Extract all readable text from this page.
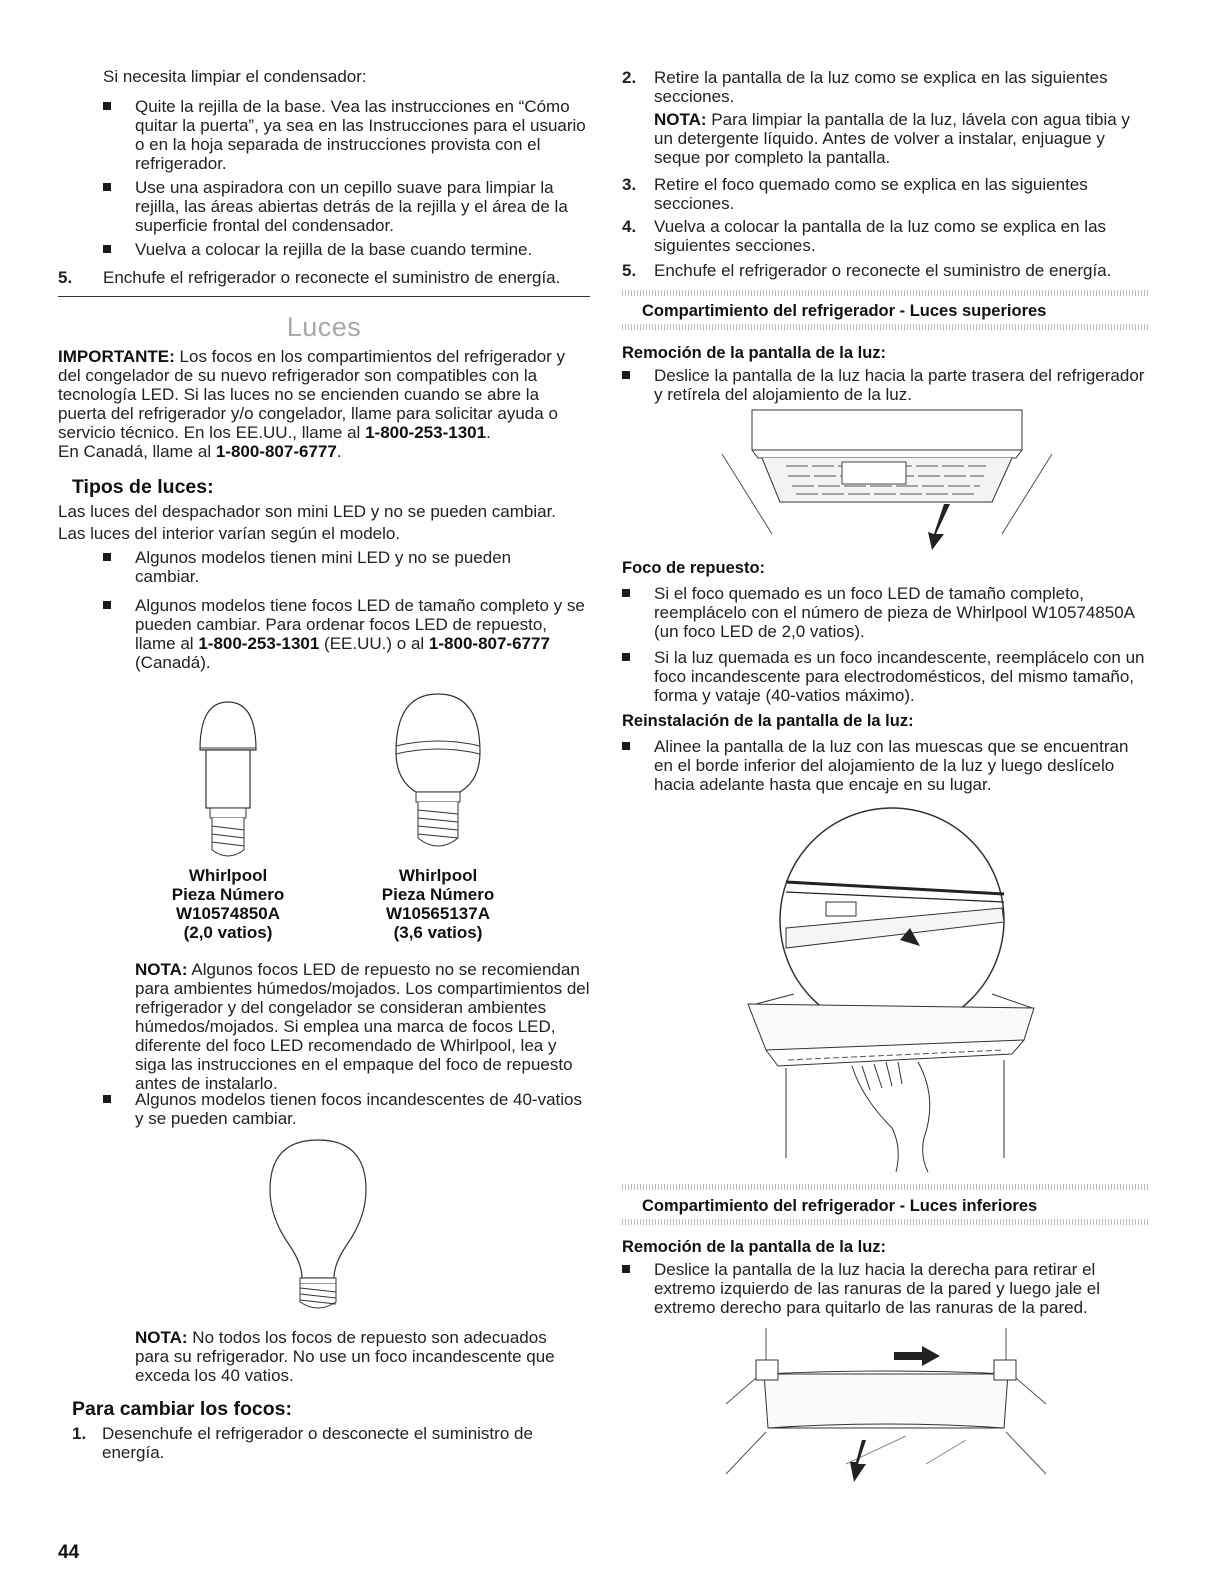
Si necesita limpiar el condensador:

Quite la rejilla de la base. Vea las instrucciones en “Cómo quitar la puerta”, ya sea en las Instrucciones para el usuario o en la hoja separada de instrucciones provista con el refrigerador.

Use una aspiradora con un cepillo suave para limpiar la rejilla, las áreas abiertas detrás de la rejilla y el área de la superficie frontal del condensador.

Vuelva a colocar la rejilla de la base cuando termine.

5. Enchufe el refrigerador o reconecte el suministro de energía.

Luces

IMPORTANTE: Los focos en los compartimientos del refrigerador y del congelador de su nuevo refrigerador son compatibles con la tecnología LED. Si las luces no se encienden cuando se abre la puerta del refrigerador y/o congelador, llame para solicitar ayuda o servicio técnico. En los EE.UU., llame al 1-800-253-1301.
En Canadá, llame al 1-800-807-6777.

Tipos de luces:

Las luces del despachador son mini LED y no se pueden cambiar.

Las luces del interior varían según el modelo.

Algunos modelos tienen mini LED y no se pueden cambiar.

Algunos modelos tiene focos LED de tamaño completo y se pueden cambiar. Para ordenar focos LED de repuesto, llame al 1-800-253-1301 (EE.UU.) o al 1-800-807-6777 (Canadá).

Whirlpool
Pieza Número
W10574850A
(2,0 vatios)
Whirlpool
Pieza Número
W10565137A
(3,6 vatios)

NOTA: Algunos focos LED de repuesto no se recomiendan para ambientes húmedos/mojados. Los compartimientos del refrigerador y del congelador se consideran ambientes húmedos/mojados. Si emplea una marca de focos LED, diferente del foco LED recomendado de Whirlpool, lea y siga las instrucciones en el empaque del foco de repuesto antes de instalarlo.

Algunos modelos tienen focos incandescentes de 40-vatios y se pueden cambiar.

NOTA: No todos los focos de repuesto son adecuados para su refrigerador. No use un foco incandescente que exceda los 40 vatios.

Para cambiar los focos:

1. Desenchufe el refrigerador o desconecte el suministro de energía.
2. Retire la pantalla de la luz como se explica en las siguientes secciones.

NOTA: Para limpiar la pantalla de la luz, lávela con agua tibia y un detergente líquido. Antes de volver a instalar, enjuague y seque por completo la pantalla.

3. Retire el foco quemado como se explica en las siguientes secciones.
4. Vuelva a colocar la pantalla de la luz como se explica en las siguientes secciones.
5. Enchufe el refrigerador o reconecte el suministro de energía.

Compartimiento del refrigerador - Luces superiores

Remoción de la pantalla de la luz:

Deslice la pantalla de la luz hacia la parte trasera del refrigerador y retírela del alojamiento de la luz.

Foco de repuesto:

Si el foco quemado es un foco LED de tamaño completo, reemplácelo con el número de pieza de Whirlpool W10574850A (un foco LED de 2,0 vatios).

Si la luz quemada es un foco incandescente, reemplácelo con un foco incandescente para electrodomésticos, del mismo tamaño, forma y vataje (40-vatios máximo).

Reinstalación de la pantalla de la luz:

Alinee la pantalla de la luz con las muescas que se encuentran en el borde inferior del alojamiento de la luz y luego deslícelo hacia adelante hasta que encaje en su lugar.

Compartimiento del refrigerador - Luces inferiores

Remoción de la pantalla de la luz:

Deslice la pantalla de la luz hacia la derecha para retirar el extremo izquierdo de las ranuras de la pared y luego jale el extremo derecho para quitarlo de las ranuras de la pared.

44
